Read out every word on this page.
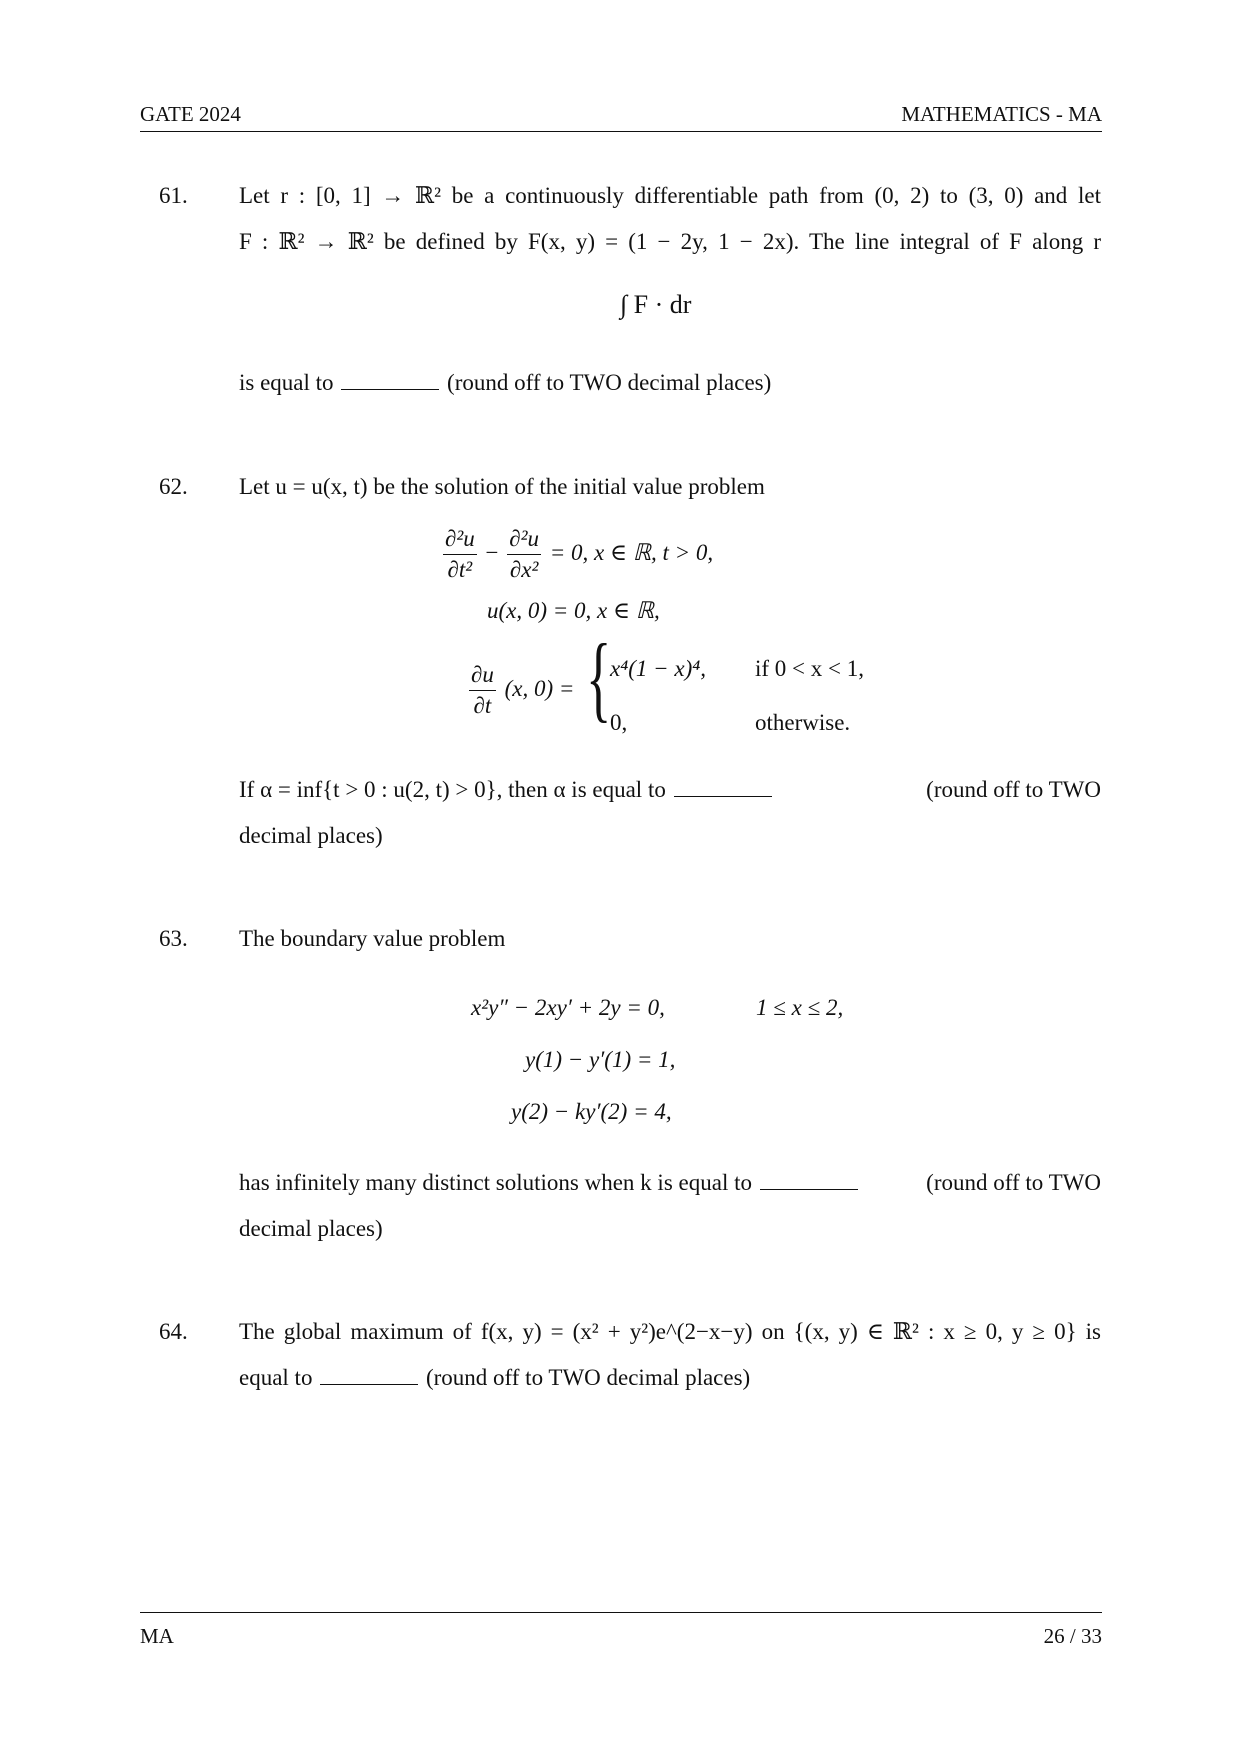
GATE 2024	MATHEMATICS - MA
61. Let r : [0, 1] → ℝ² be a continuously differentiable path from (0, 2) to (3, 0) and let
F : ℝ² → ℝ² be defined by F(x, y) = (1 − 2y, 1 − 2x). The line integral of F along r
∫ F · dr
is equal to	(round off to TWO decimal places)
62. Let u = u(x, t) be the solution of the initial value problem
$\frac{\text{∂²u}}{\text{∂t²}} - \frac{\text{∂²u}}{\text{∂x²}} = 0$, x ∈ ℝ, t > 0,
u(x, 0) = 0, x ∈ ℝ,
$\frac{\partial u}{\partial t} (x$, 0) = {
x⁴(1 − x)⁴, if 0 < x < 1,
0,	otherwise.
If α = inf{t > 0 : u(2, t) > 0}, then α is equal to	(round off to TWO
decimal places)
63. The boundary value problem
x²y″ − 2xy′ + 2y = 0,	1 ≤ x ≤ 2,
y(1) − y′(1) = 1,
y(2) − ky′(2) = 4,
has infinitely many distinct solutions when k is equal to	(round off to TWO
decimal places)
64. The global maximum of f(x, y) = (x² + y²)e^(2−x−y) on {(x, y) ∈ ℝ² : x ≥ 0, y ≥ 0} is
equal to	(round off to TWO decimal places)
MA	26 / 33
